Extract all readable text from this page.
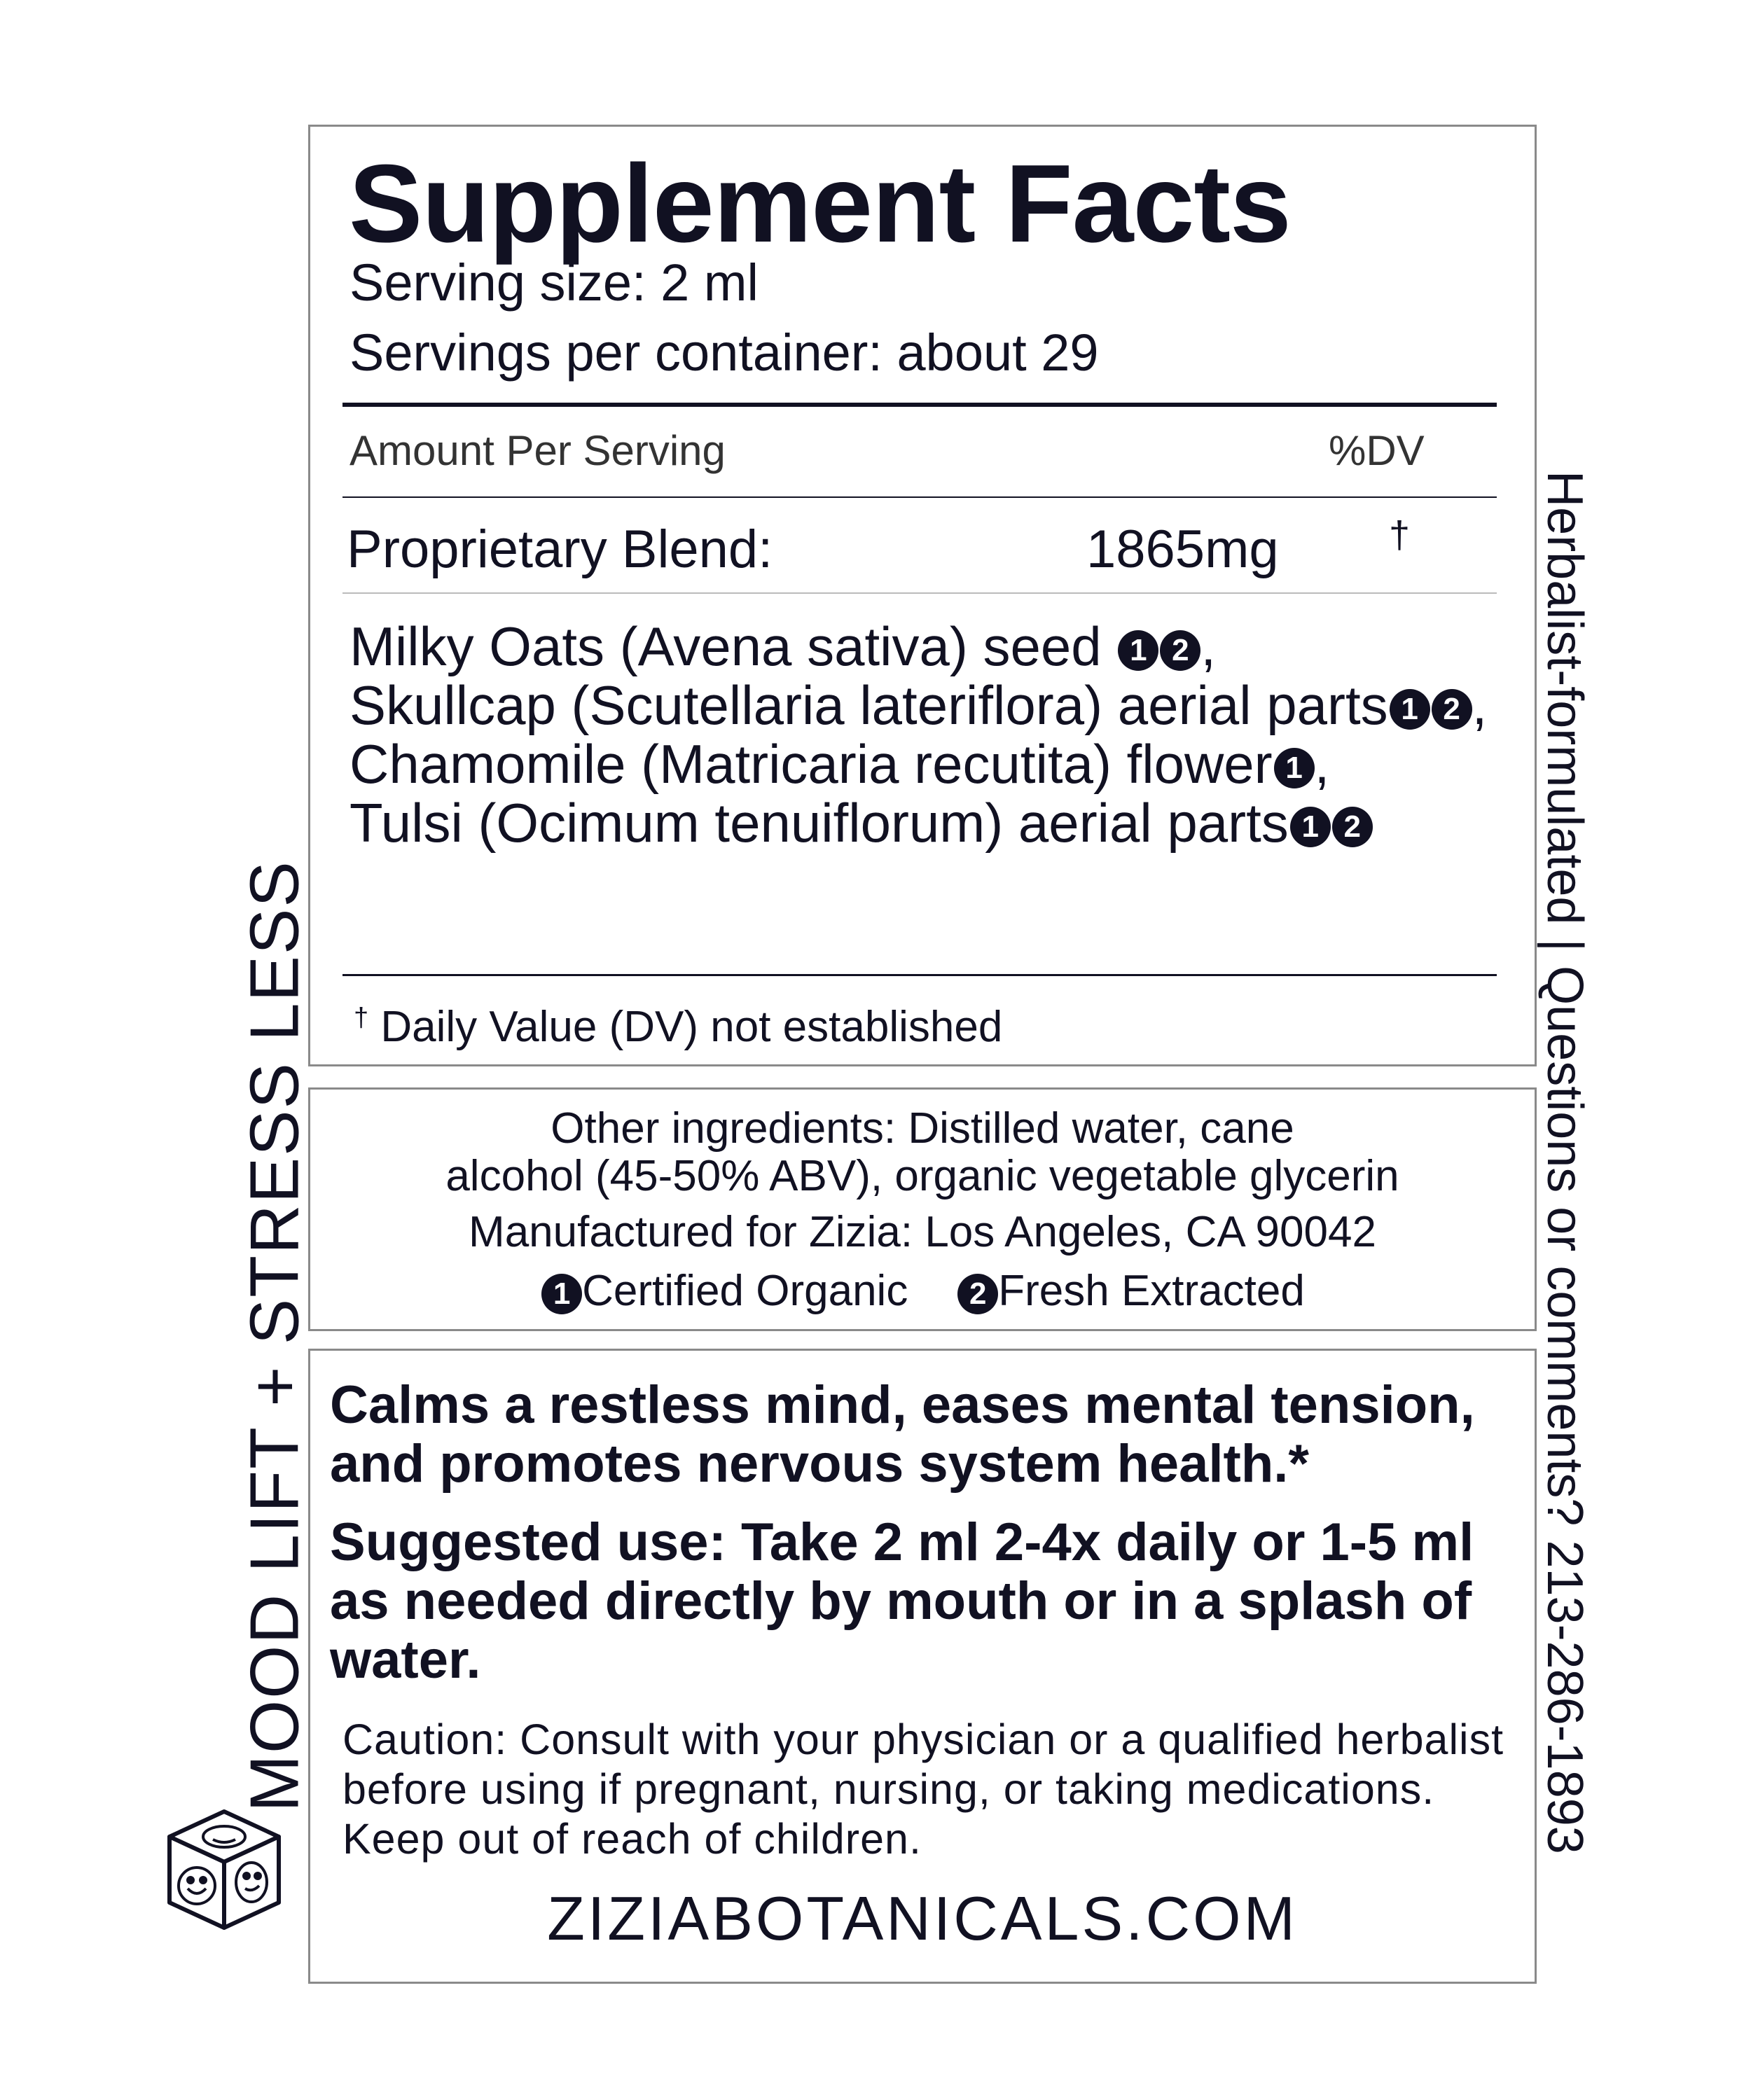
Supplement Facts
Serving size: 2 ml
Servings per container: about 29
Amount Per Serving	%DV
Proprietary Blend:	1865mg	†
Milky Oats (Avena sativa) seed 1 2 ,
Skullcap (Scutellaria lateriflora) aerial parts 1 2 , Chamomile (Matricaria recutita) flower 1 ,
Tulsi (Ocimum tenuiflorum) aerial parts 1 2
† Daily Value (DV) not established
Other ingredients: Distilled water, cane
alcohol (45-50% ABV), organic vegetable glycerin
Manufactured for Zizia: Los Angeles, CA 90042
1 Certified Organic 2 Fresh Extracted
Calms a restless mind, eases mental tension, and promotes nervous system health.*
Suggested use: Take 2 ml 2-4x daily or 1-5 ml as needed directly by mouth or in a splash of water.
Caution: Consult with your physician or a qualified herbalist before using if pregnant, nursing, or taking medications. Keep out of reach of children.
ZIZIABOTANICALS.COM
MOOD LIFT + STRESS LESS	Herbalist-formulated | Questions or comments? 213-286-1893
